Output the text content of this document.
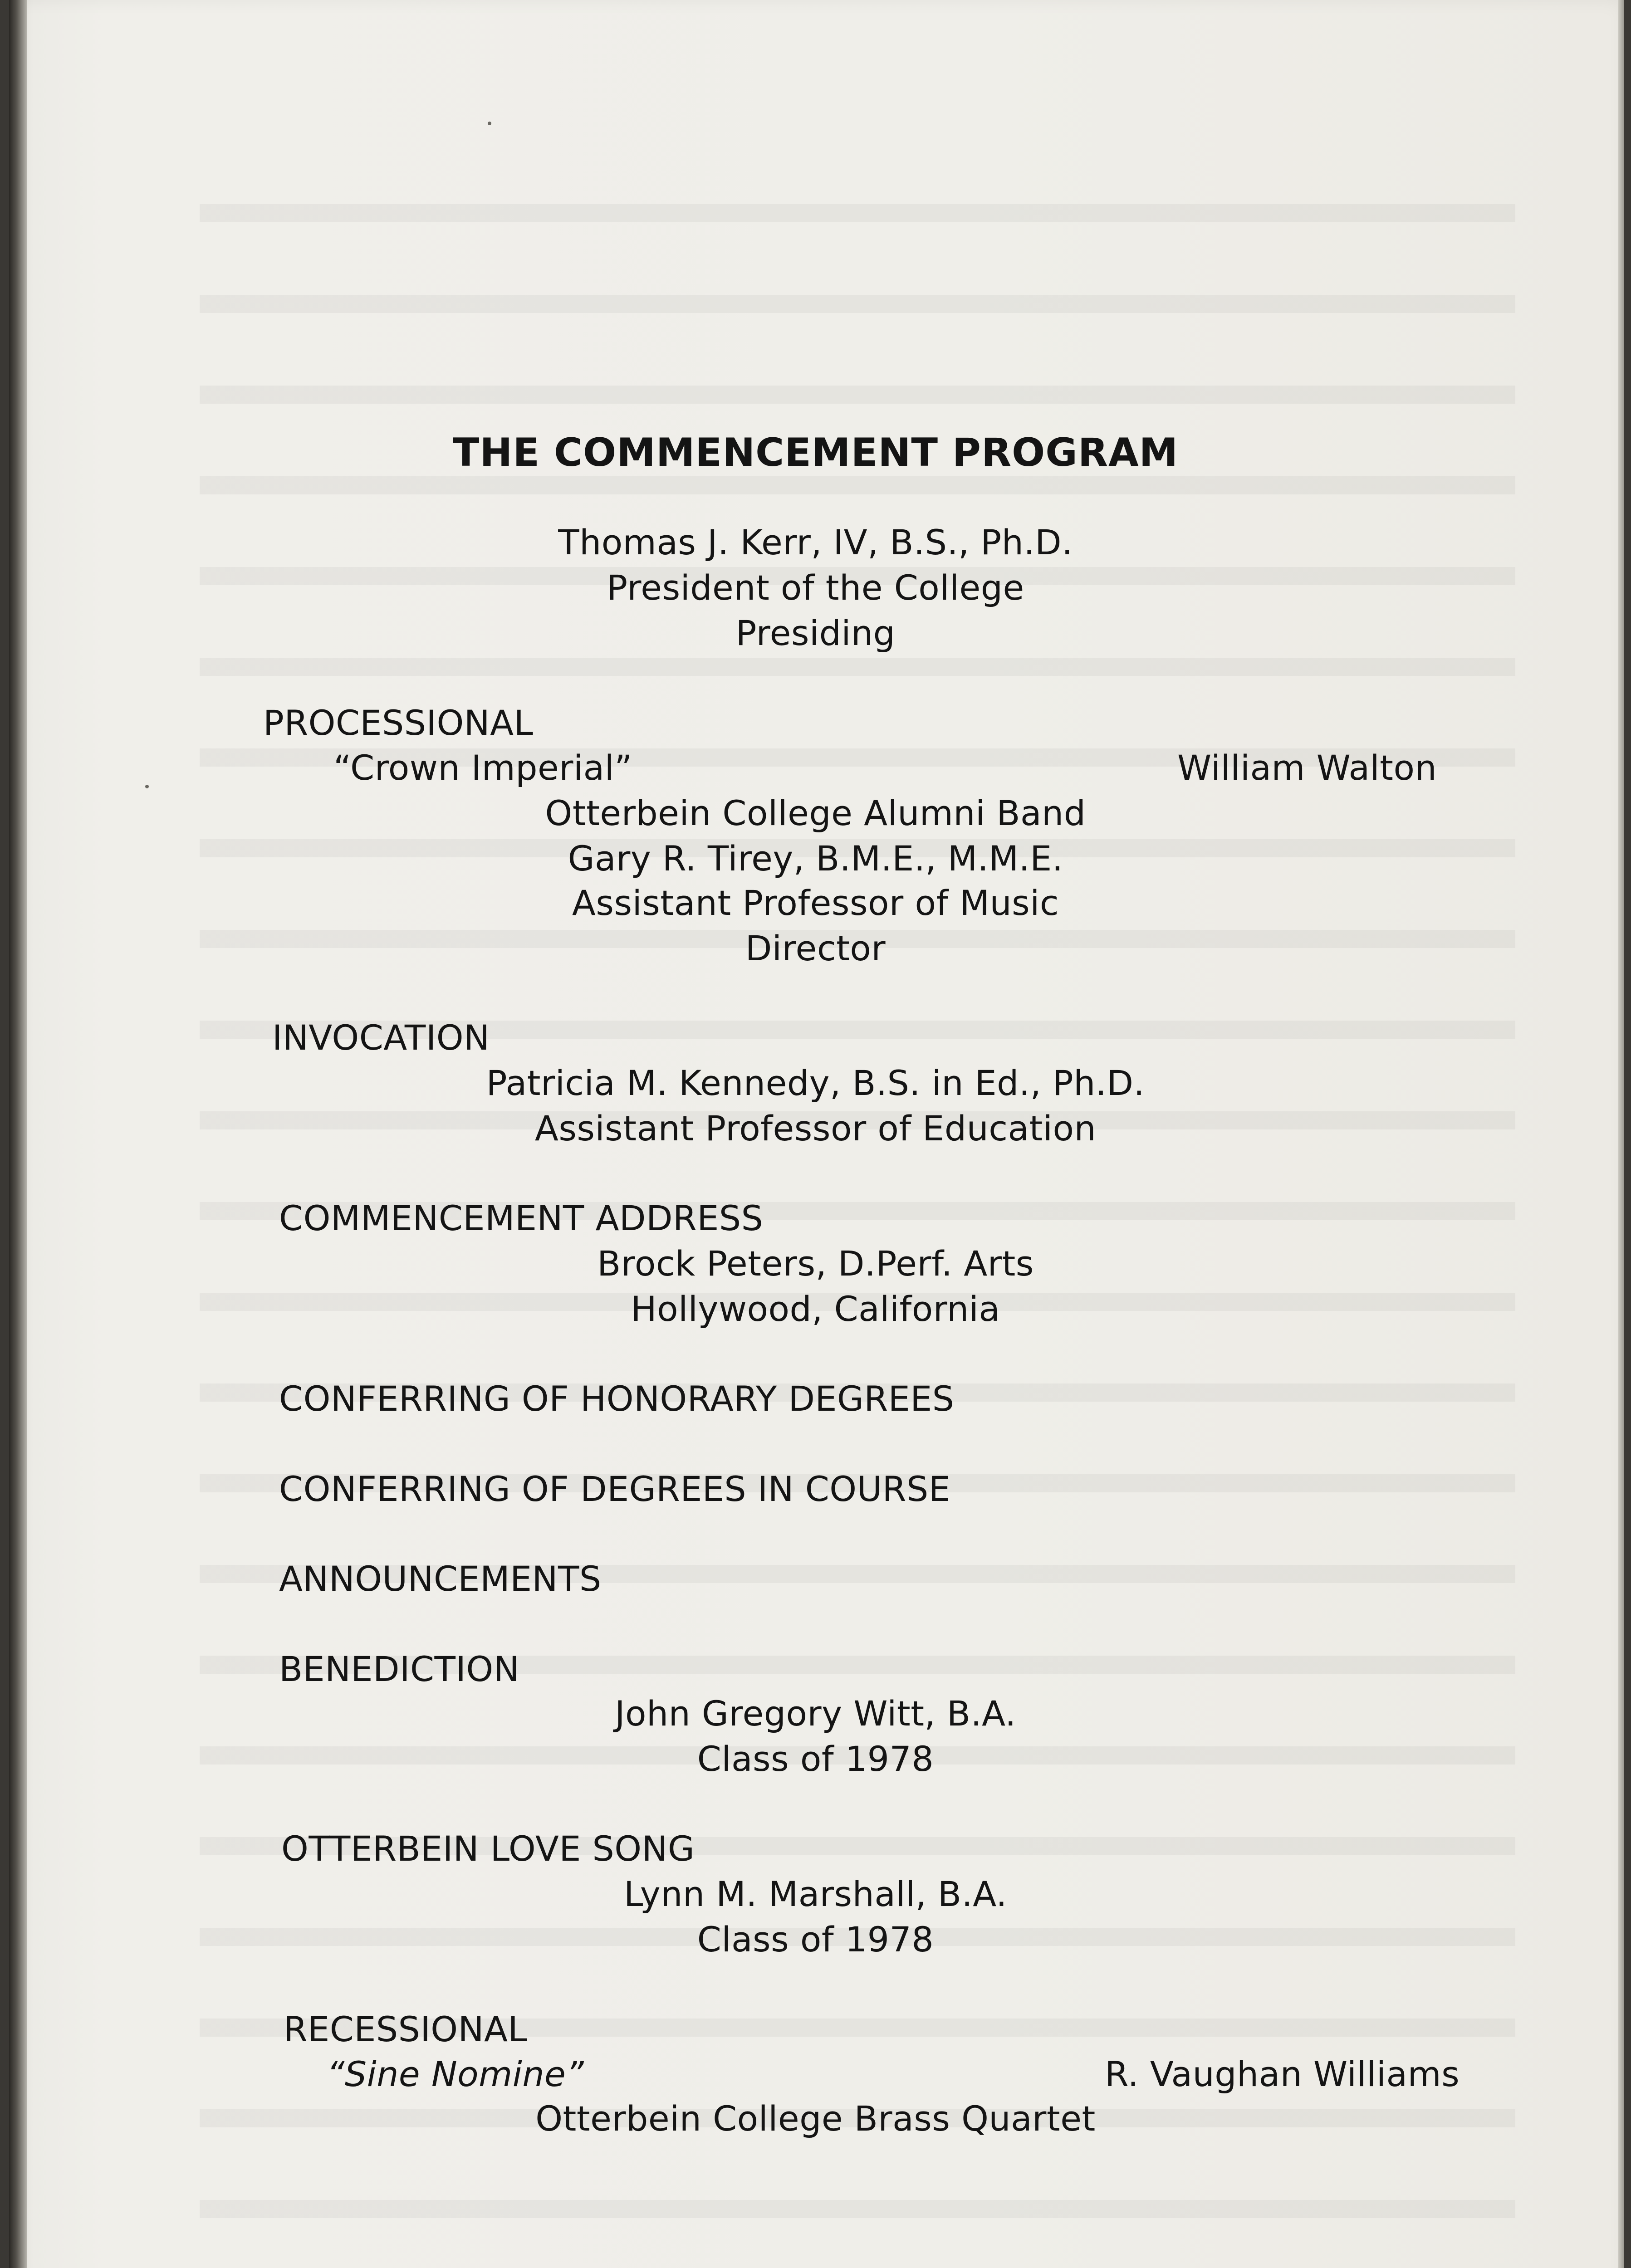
THE COMMENCEMENT PROGRAM
Thomas J. Kerr, IV, B.S., Ph.D.
President of the College
Presiding
PROCESSIONAL
“Crown Imperial”	William Walton
Otterbein College Alumni Band
Gary R. Tirey, B.M.E., M.M.E.
Assistant Professor of Music
Director
INVOCATION
Patricia M. Kennedy, B.S. in Ed., Ph.D.
Assistant Professor of Education
COMMENCEMENT ADDRESS
Brock Peters, D.Perf. Arts
Hollywood, California
CONFERRING OF HONORARY DEGREES
CONFERRING OF DEGREES IN COURSE
ANNOUNCEMENTS
BENEDICTION
John Gregory Witt, B.A.
Class of 1978
OTTERBEIN LOVE SONG
Lynn M. Marshall, B.A.
Class of 1978
RECESSIONAL
“Sine Nomine”	R. Vaughan Williams
Otterbein College Brass Quartet
